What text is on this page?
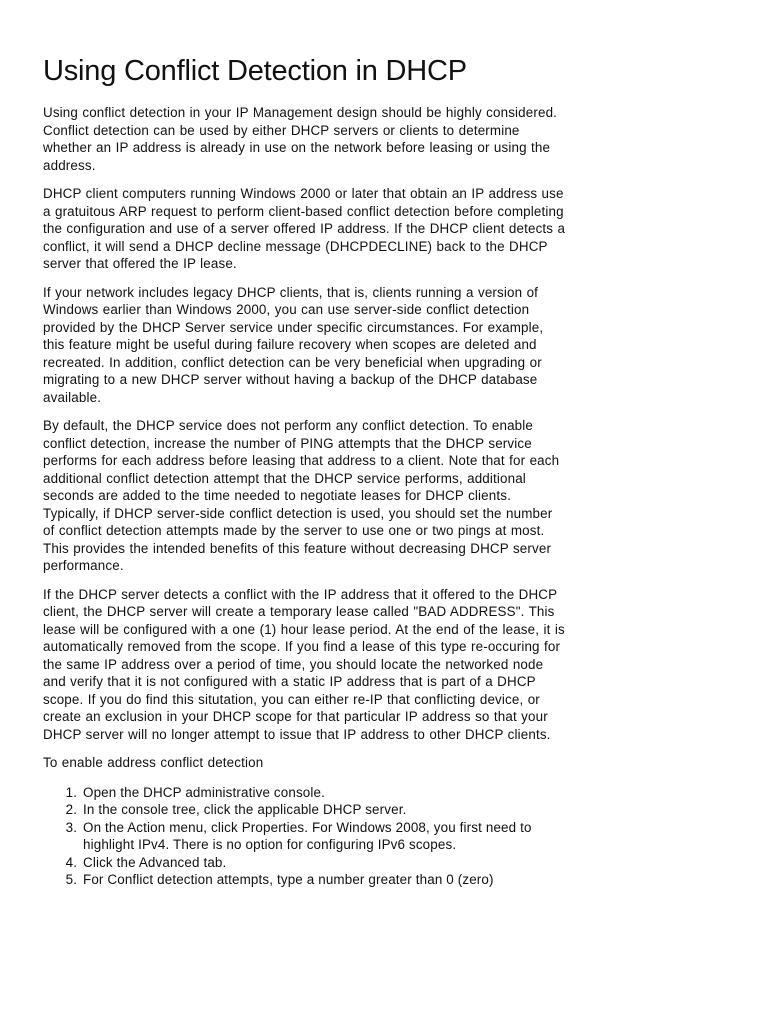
Using Conflict Detection in DHCP

Using conflict detection in your IP Management design should be highly considered. Conflict detection can be used by either DHCP servers or clients to determine whether an IP address is already in use on the network before leasing or using the address.

DHCP client computers running Windows 2000 or later that obtain an IP address use a gratuitous ARP request to perform client-based conflict detection before completing the configuration and use of a server offered IP address. If the DHCP client detects a conflict, it will send a DHCP decline message (DHCPDECLINE) back to the DHCP server that offered the IP lease.

If your network includes legacy DHCP clients, that is, clients running a version of Windows earlier than Windows 2000, you can use server-side conflict detection provided by the DHCP Server service under specific circumstances. For example, this feature might be useful during failure recovery when scopes are deleted and recreated. In addition, conflict detection can be very beneficial when upgrading or migrating to a new DHCP server without having a backup of the DHCP database available.

By default, the DHCP service does not perform any conflict detection. To enable conflict detection, increase the number of PING attempts that the DHCP service performs for each address before leasing that address to a client. Note that for each additional conflict detection attempt that the DHCP service performs, additional seconds are added to the time needed to negotiate leases for DHCP clients. Typically, if DHCP server-side conflict detection is used, you should set the number of conflict detection attempts made by the server to use one or two pings at most. This provides the intended benefits of this feature without decreasing DHCP server performance.

If the DHCP server detects a conflict with the IP address that it offered to the DHCP client, the DHCP server will create a temporary lease called "BAD ADDRESS". This lease will be configured with a one (1) hour lease period. At the end of the lease, it is automatically removed from the scope. If you find a lease of this type re-occuring for the same IP address over a period of time, you should locate the networked node and verify that it is not configured with a static IP address that is part of a DHCP scope. If you do find this situtation, you can either re-IP that conflicting device, or create an exclusion in your DHCP scope for that particular IP address so that your DHCP server will no longer attempt to issue that IP address to other DHCP clients.

To enable address conflict detection

1. Open the DHCP administrative console.
2. In the console tree, click the applicable DHCP server.
3. On the Action menu, click Properties. For Windows 2008, you first need to highlight IPv4. There is no option for configuring IPv6 scopes.
4. Click the Advanced tab.
5. For Conflict detection attempts, type a number greater than 0 (zero)
